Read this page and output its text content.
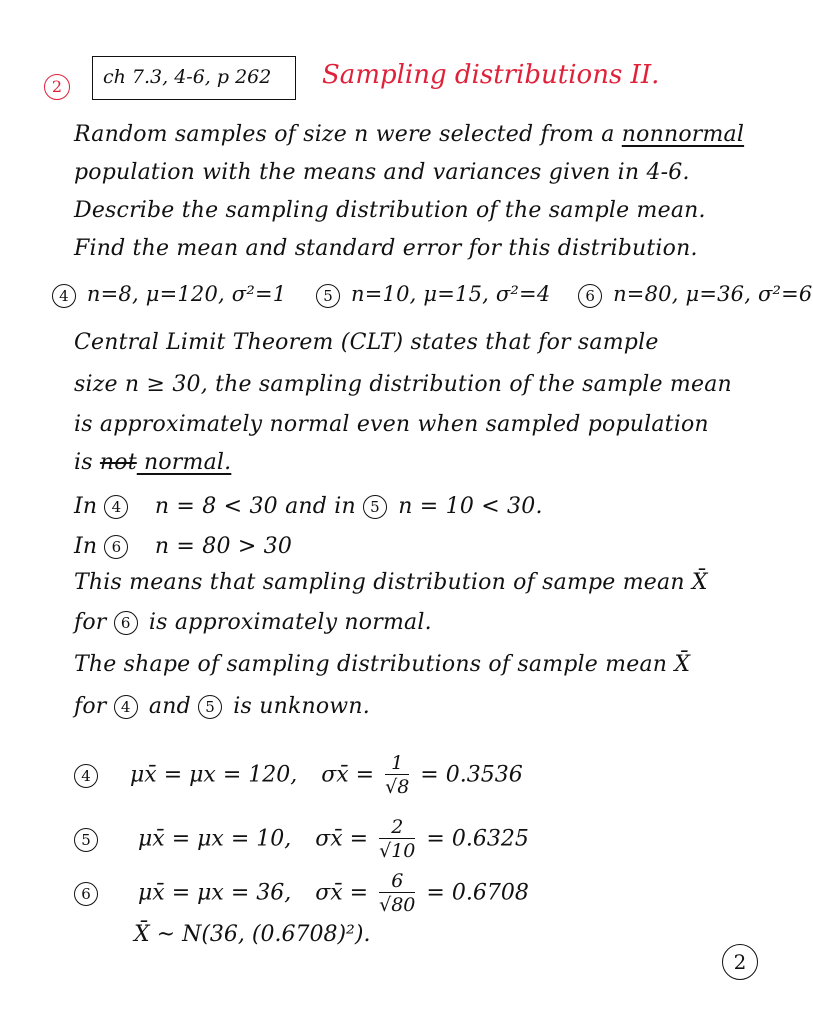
2	ch 7.3, 4-6, p 262	Sampling distributions II.
Random samples of size n were selected from a nonnormal
population with the means and variances given in 4-6.
Describe the sampling distribution of the sample mean.
Find the mean and standard error for this distribution.
4 n=8, μ=120, σ²=1 5 n=10, μ=15, σ²=4 6 n=80, μ=36, σ²=6
Central Limit Theorem (CLT) states that for sample
size n ≥ 30, the sampling distribution of the sample mean
is approximately normal even when sampled population
is not normal.
In 4 n = 8 < 30 and in 5 n = 10 < 30.
In 6 n = 80 > 30
This means that sampling distribution of sampe mean X̄
for 6 is approximately normal.
The shape of sampling distributions of sample mean X̄
for 4 and 5 is unknown.
4 μx̄ = μx = 120, σx̄ = $\frac{1}{√8} = 0.3536$
5 μx̄ = μx = 10, σx̄ = $\frac{2}{√10} = 0.6325$
6 μx̄ = μx = 36, σx̄ = $\frac{6}{√80} = 0.6708$
X̄ ~ N(36, (0.6708)²).
2
